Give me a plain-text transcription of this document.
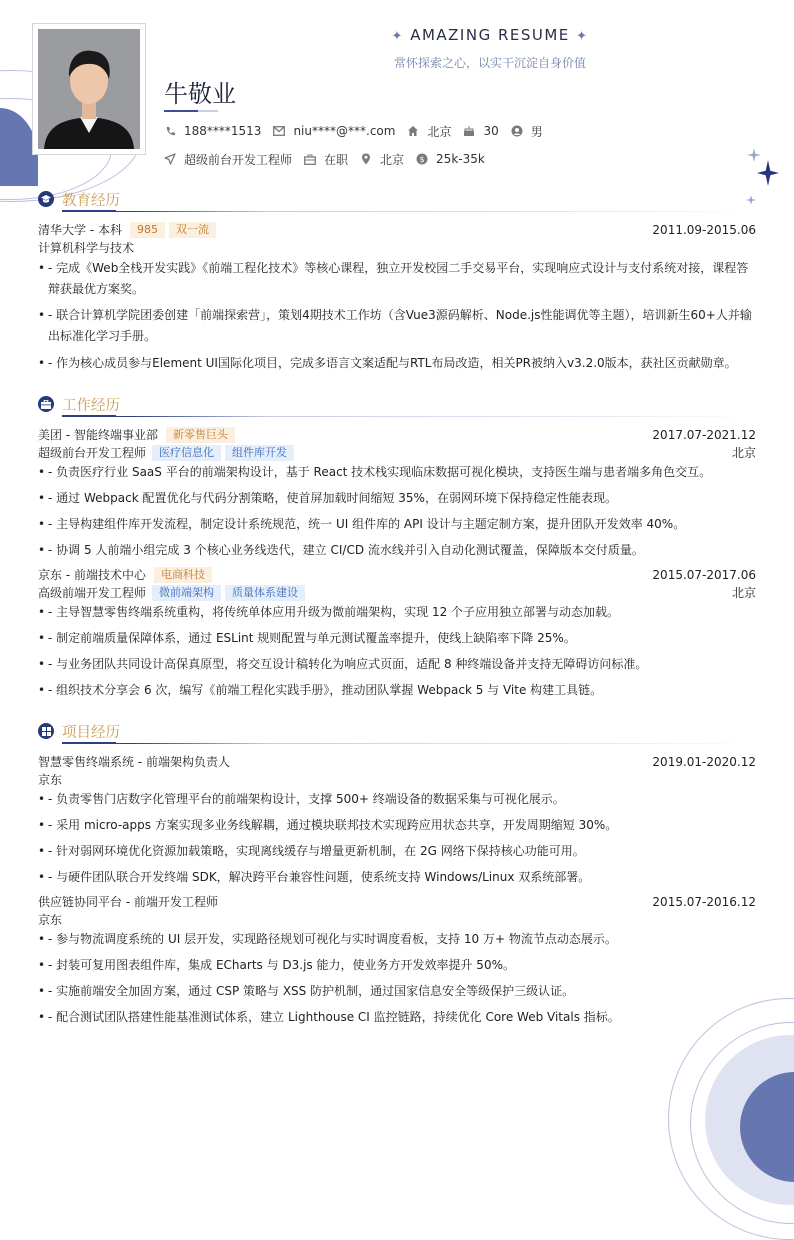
✦ AMAZING RESUME ✦
常怀探索之心，以实干沉淀自身价值
牛敬业
188****1513	niu****@***.com	北京	30	男
超级前台开发工程师	在职	北京 $ 25k-35k
教育经历
清华大学 - 本科	985	双一流	2011.09-2015.06
计算机科学与技术
• - 完成《Web全栈开发实践》《前端工程化技术》等核心课程，独立开发校园二手交易平台，实现响应式设计与支付系统对接，课程答
辩获最优方案奖。
• - 联合计算机学院团委创建「前端探索营」，策划4期技术工作坊（含Vue3源码解析、Node.js性能调优等主题），培训新生60+人并输
出标准化学习手册。
• - 作为核心成员参与Element UI国际化项目，完成多语言文案适配与RTL布局改造，相关PR被纳入v3.2.0版本，获社区贡献勋章。
工作经历
美团 - 智能终端事业部	新零售巨头	2017.07-2021.12
超级前台开发工程师	医疗信息化	组件库开发	北京
• - 负责医疗行业 SaaS 平台的前端架构设计，基于 React 技术栈实现临床数据可视化模块，支持医生端与患者端多角色交互。
• - 通过 Webpack 配置优化与代码分割策略，使首屏加载时间缩短 35%，在弱网环境下保持稳定性能表现。
• - 主导构建组件库开发流程，制定设计系统规范，统一 UI 组件库的 API 设计与主题定制方案，提升团队开发效率 40%。
• - 协调 5 人前端小组完成 3 个核心业务线迭代，建立 CI/CD 流水线并引入自动化测试覆盖，保障版本交付质量。
京东 - 前端技术中心	电商科技	2015.07-2017.06
高级前端开发工程师	微前端架构	质量体系建设	北京
• - 主导智慧零售终端系统重构，将传统单体应用升级为微前端架构，实现 12 个子应用独立部署与动态加载。
• - 制定前端质量保障体系，通过 ESLint 规则配置与单元测试覆盖率提升，使线上缺陷率下降 25%。
• - 与业务团队共同设计高保真原型，将交互设计稿转化为响应式页面，适配 8 种终端设备并支持无障碍访问标准。
• - 组织技术分享会 6 次，编写《前端工程化实践手册》，推动团队掌握 Webpack 5 与 Vite 构建工具链。
项目经历
智慧零售终端系统 - 前端架构负责人	2019.01-2020.12
京东
• - 负责零售门店数字化管理平台的前端架构设计，支撑 500+ 终端设备的数据采集与可视化展示。
• - 采用 micro-apps 方案实现多业务线解耦，通过模块联邦技术实现跨应用状态共享，开发周期缩短 30%。
• - 针对弱网环境优化资源加载策略，实现离线缓存与增量更新机制，在 2G 网络下保持核心功能可用。
• - 与硬件团队联合开发终端 SDK，解决跨平台兼容性问题，使系统支持 Windows/Linux 双系统部署。
供应链协同平台 - 前端开发工程师	2015.07-2016.12
京东
• - 参与物流调度系统的 UI 层开发，实现路径规划可视化与实时调度看板，支持 10 万+ 物流节点动态展示。
• - 封装可复用图表组件库，集成 ECharts 与 D3.js 能力，使业务方开发效率提升 50%。
• - 实施前端安全加固方案，通过 CSP 策略与 XSS 防护机制，通过国家信息安全等级保护三级认证。
• - 配合测试团队搭建性能基准测试体系，建立 Lighthouse CI 监控链路，持续优化 Core Web Vitals 指标。
